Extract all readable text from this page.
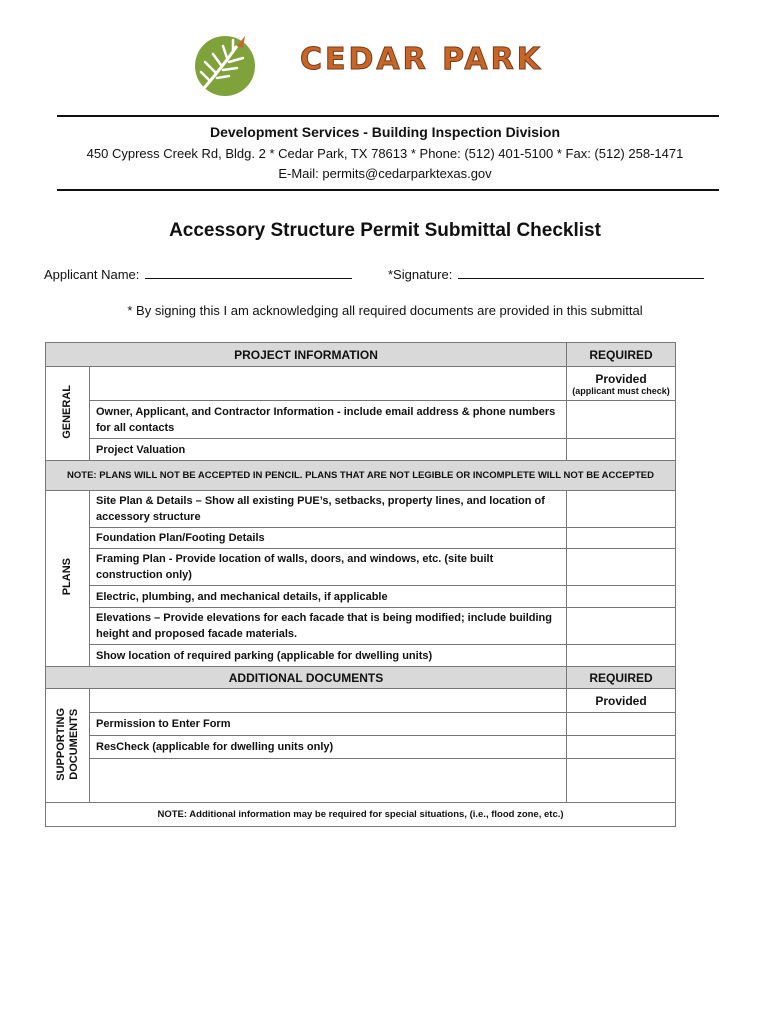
CEDAR PARK
Development Services - Building Inspection Division
450 Cypress Creek Rd, Bldg. 2 * Cedar Park, TX 78613 * Phone: (512) 401-5100 * Fax: (512) 258-1471
E-Mail: permits@cedarparktexas.gov
Accessory Structure Permit Submittal Checklist
Applicant Name:	*Signature:
* By signing this I am acknowledging all required documents are provided in this submittal
PROJECT INFORMATION		REQUIRED
GENERAL		Provided
(applicant must check)

	Owner, Applicant, and Contractor Information - include email address & phone numbers for all contacts	
	Project Valuation	
NOTE: PLANS WILL NOT BE ACCEPTED IN PENCIL. PLANS THAT ARE NOT LEGIBLE OR INCOMPLETE WILL NOT BE ACCEPTED		
PLANS	Site Plan & Details – Show all existing PUE’s, setbacks, property lines, and location of accessory structure	
	Foundation Plan/Footing Details	
	Framing Plan - Provide location of walls, doors, and windows, etc. (site built construction only)	
	Electric, plumbing, and mechanical details, if applicable	
	Elevations – Provide elevations for each facade that is being modified; include building height and proposed facade materials.	
	Show location of required parking (applicable for dwelling units)	
ADDITIONAL DOCUMENTS		REQUIRED
SUPPORTING
DOCUMENTS		Provided
	Permission to Enter Form	
	ResCheck (applicable for dwelling units only)	

NOTE: Additional information may be required for special situations, (i.e., flood zone, etc.)		
